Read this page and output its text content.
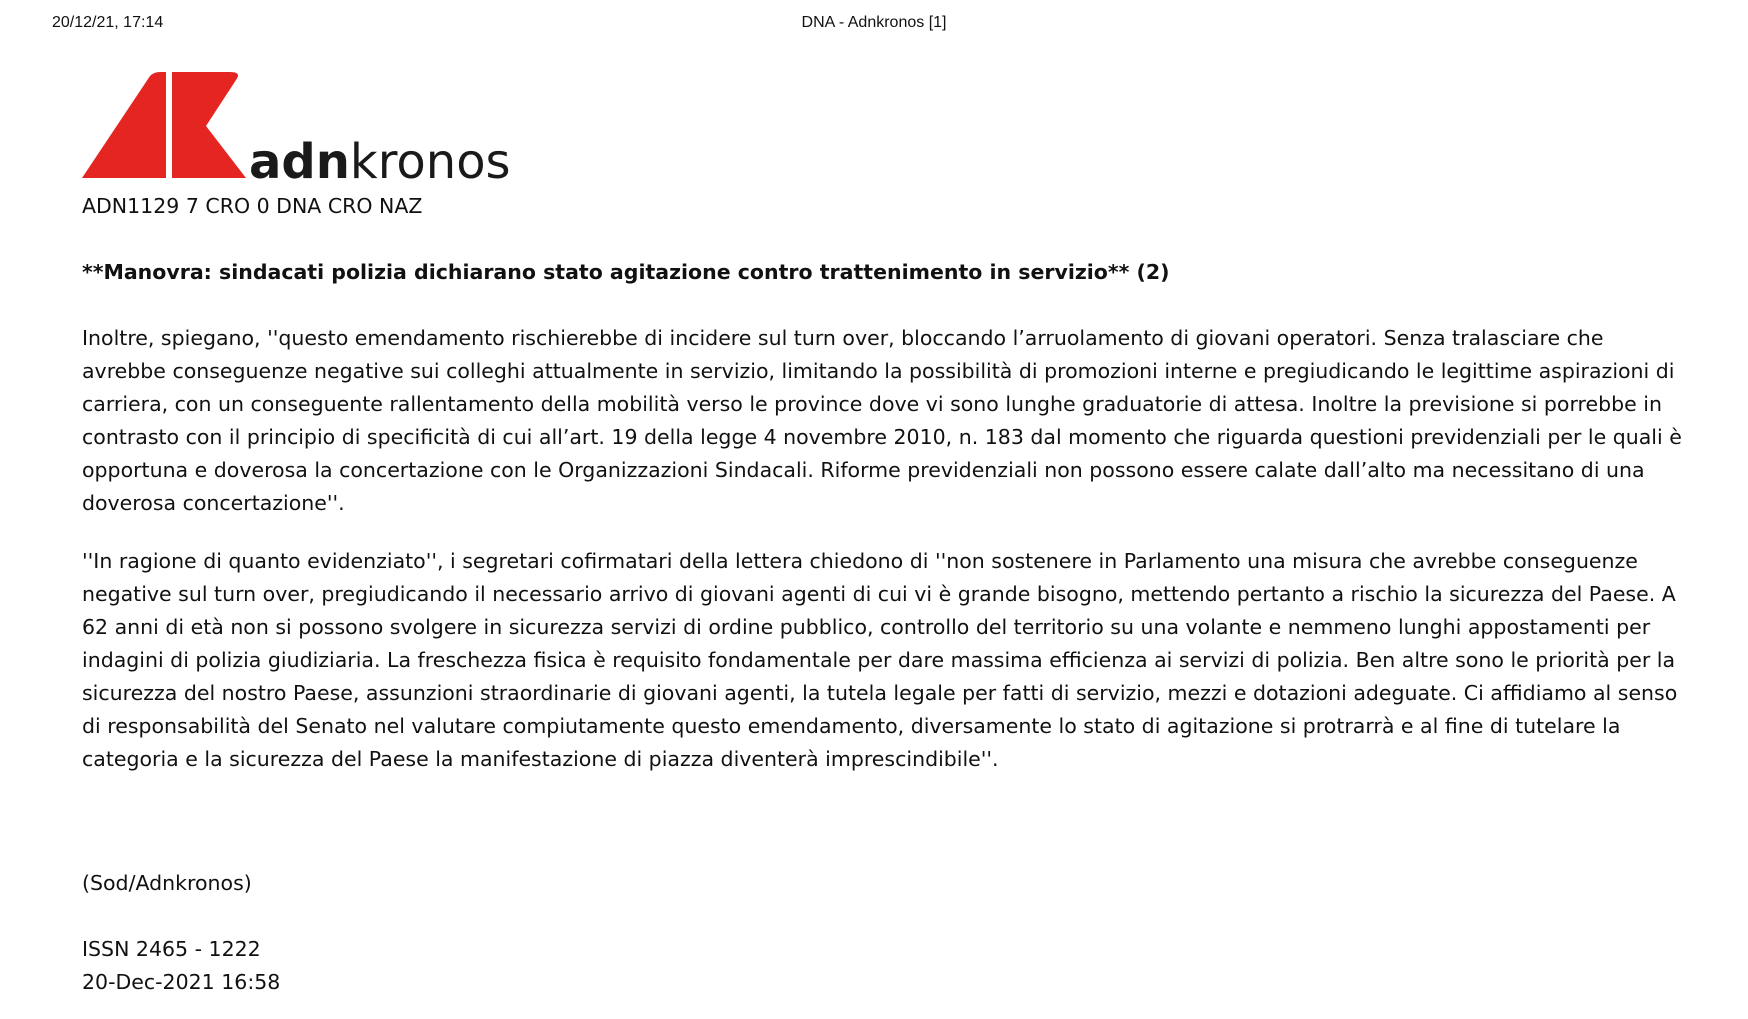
20/12/21, 17:14	DNA - Adnkronos [1]
adnkronos

ADN1129 7 CRO 0 DNA CRO NAZ

**Manovra: sindacati polizia dichiarano stato agitazione contro trattenimento in servizio** (2)

Inoltre, spiegano, ''questo emendamento rischierebbe di incidere sul turn over, bloccando l’arruolamento di giovani operatori. Senza tralasciare che avrebbe conseguenze negative sui colleghi attualmente in servizio, limitando la possibilità di promozioni interne e pregiudicando le legittime aspirazioni di carriera, con un conseguente rallentamento della mobilità verso le province dove vi sono lunghe graduatorie di attesa. Inoltre la previsione si porrebbe in contrasto con il principio di specificità di cui all’art. 19 della legge 4 novembre 2010, n. 183 dal momento che riguarda questioni previdenziali per le quali è opportuna e doverosa la concertazione con le Organizzazioni Sindacali. Riforme previdenziali non possono essere calate dall’alto ma necessitano di una doverosa concertazione''.

''In ragione di quanto evidenziato'', i segretari cofirmatari della lettera chiedono di ''non sostenere in Parlamento una misura che avrebbe conseguenze negative sul turn over, pregiudicando il necessario arrivo di giovani agenti di cui vi è grande bisogno, mettendo pertanto a rischio la sicurezza del Paese. A 62 anni di età non si possono svolgere in sicurezza servizi di ordine pubblico, controllo del territorio su una volante e nemmeno lunghi appostamenti per indagini di polizia giudiziaria. La freschezza fisica è requisito fondamentale per dare massima efficienza ai servizi di polizia. Ben altre sono le priorità per la sicurezza del nostro Paese, assunzioni straordinarie di giovani agenti, la tutela legale per fatti di servizio, mezzi e dotazioni adeguate. Ci affidiamo al senso di responsabilità del Senato nel valutare compiutamente questo emendamento, diversamente lo stato di agitazione si protrarrà e al fine di tutelare la categoria e la sicurezza del Paese la manifestazione di piazza diventerà imprescindibile''.

(Sod/Adnkronos)

ISSN 2465 - 1222

20-Dec-2021 16:58
